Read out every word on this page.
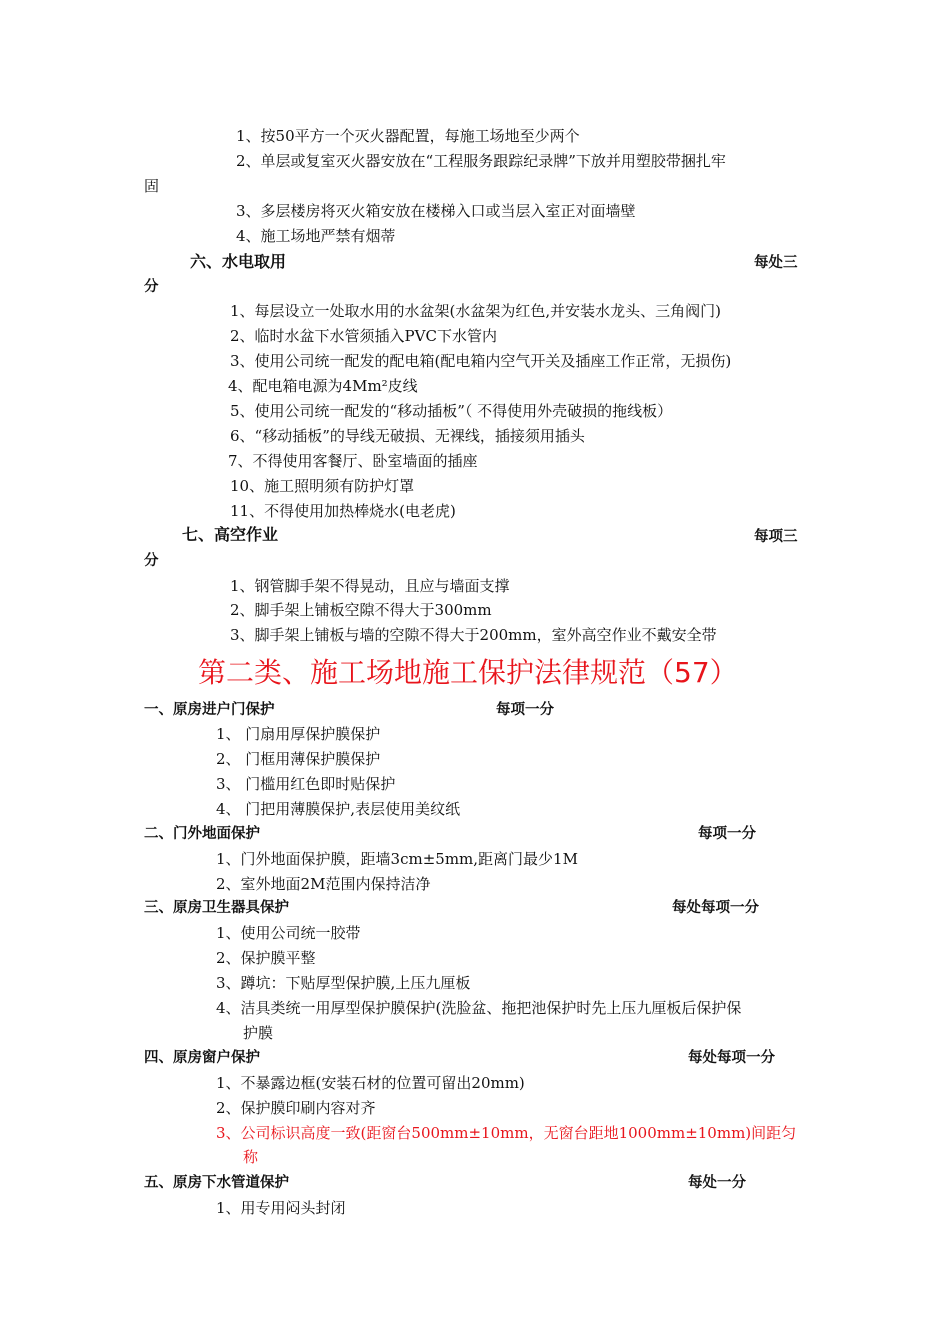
1、按50平方一个灭火器配置，每施工场地至少两个
2、单层或复室灭火器安放在“工程服务跟踪纪录牌”下放并用塑胶带捆扎牢
固
3、多层楼房将灭火箱安放在楼梯入口或当层入室正对面墙壁
4、施工场地严禁有烟蒂
六、水电取用	每处三
分
1、每层设立一处取水用的水盆架(水盆架为红色,并安装水龙头、三角阀门)
2、临时水盆下水管须插入PVC下水管内
3、使用公司统一配发的配电箱(配电箱内空气开关及插座工作正常，无损伤)
4、配电箱电源为4Mm²皮线
5、使用公司统一配发的“移动插板”（ 不得使用外壳破损的拖线板）
6、“移动插板”的导线无破损、无裸线，插接须用插头
7、不得使用客餐厅、卧室墙面的插座
10、施工照明须有防护灯罩
11、不得使用加热棒烧水(电老虎)
七、高空作业	每项三
分
1、钢管脚手架不得晃动，且应与墙面支撑
2、脚手架上铺板空隙不得大于300mm
3、脚手架上铺板与墙的空隙不得大于200mm，室外高空作业不戴安全带
第二类、施工场地施工保护法律规范（57）
一、原房进户门保护	每项一分
1、 门扇用厚保护膜保护
2、 门框用薄保护膜保护
3、 门槛用红色即时贴保护
4、 门把用薄膜保护,表层使用美纹纸
二、门外地面保护	每项一分
1、门外地面保护膜，距墙3cm±5mm,距离门最少1M
2、室外地面2M范围内保持洁净
三、原房卫生器具保护	每处每项一分
1、使用公司统一胶带
2、保护膜平整
3、蹲坑：下贴厚型保护膜,上压九厘板
4、洁具类统一用厚型保护膜保护(洗脸盆、拖把池保护时先上压九厘板后保护保
护膜
四、原房窗户保护	每处每项一分
1、不暴露边框(安装石材的位置可留出20mm)
2、保护膜印刷内容对齐
3、公司标识高度一致(距窗台500mm±10mm，无窗台距地1000mm±10mm)间距匀
称
五、原房下水管道保护	每处一分
1、用专用闷头封闭
